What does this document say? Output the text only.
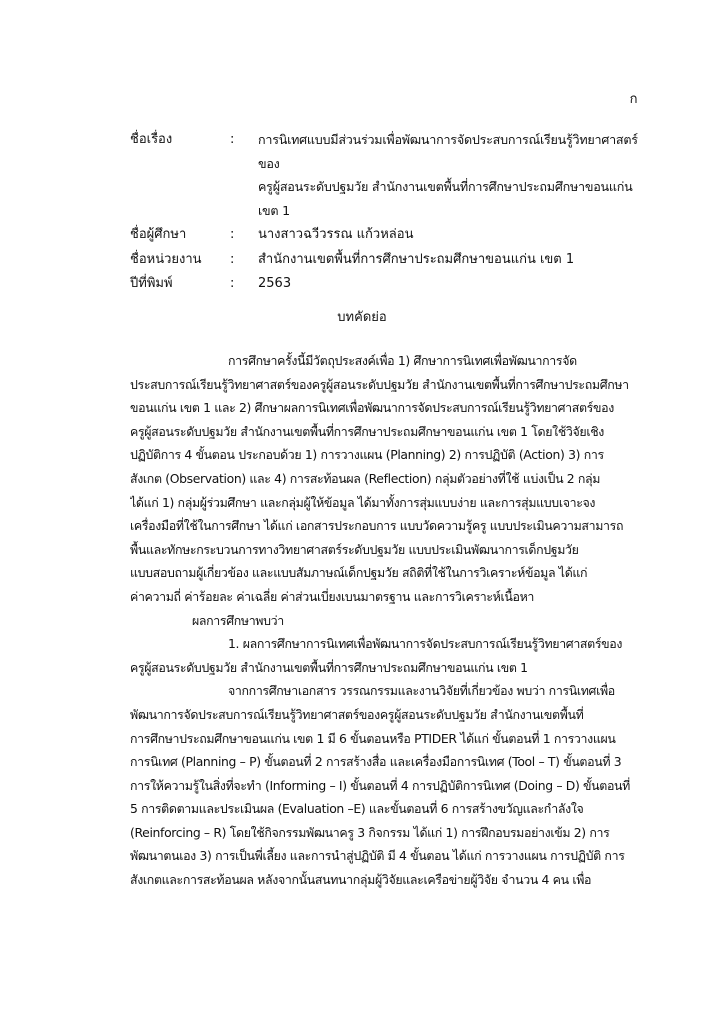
ก
ชื่อเรื่อง	:	การนิเทศแบบมีส่วนร่วมเพื่อพัฒนาการจัดประสบการณ์เรียนรู้วิทยาศาสตร์ของ
ครูผู้สอนระดับปฐมวัย สำนักงานเขตพื้นที่การศึกษาประถมศึกษาขอนแก่น
เขต 1
ชื่อผู้ศึกษา	:	นางสาวฉวีวรรณ แก้วหล่อน
ชื่อหน่วยงาน	:	สำนักงานเขตพื้นที่การศึกษาประถมศึกษาขอนแก่น เขต 1
ปีที่พิมพ์	:	2563
บทคัดย่อ
การศึกษาครั้งนี้มีวัตถุประสงค์เพื่อ 1) ศึกษาการนิเทศเพื่อพัฒนาการจัด
ประสบการณ์เรียนรู้วิทยาศาสตร์ของครูผู้สอนระดับปฐมวัย สำนักงานเขตพื้นที่การศึกษาประถมศึกษา
ขอนแก่น เขต 1 และ 2) ศึกษาผลการนิเทศเพื่อพัฒนาการจัดประสบการณ์เรียนรู้วิทยาศาสตร์ของ
ครูผู้สอนระดับปฐมวัย สำนักงานเขตพื้นที่การศึกษาประถมศึกษาขอนแก่น เขต 1 โดยใช้วิจัยเชิง
ปฏิบัติการ 4 ขั้นตอน ประกอบด้วย 1) การวางแผน (Planning) 2) การปฏิบัติ (Action) 3) การ
สังเกต (Observation) และ 4) การสะท้อนผล (Reflection) กลุ่มตัวอย่างที่ใช้ แบ่งเป็น 2 กลุ่ม
ได้แก่ 1) กลุ่มผู้ร่วมศึกษา และกลุ่มผู้ให้ข้อมูล ได้มาทั้งการสุ่มแบบง่าย และการสุ่มแบบเจาะจง
เครื่องมือที่ใช้ในการศึกษา ได้แก่ เอกสารประกอบการ แบบวัดความรู้ครู แบบประเมินความสามารถ
พื้นและทักษะกระบวนการทางวิทยาศาสตร์ระดับปฐมวัย แบบประเมินพัฒนาการเด็กปฐมวัย
แบบสอบถามผู้เกี่ยวข้อง และแบบสัมภาษณ์เด็กปฐมวัย สถิติที่ใช้ในการวิเคราะห์ข้อมูล ได้แก่
ค่าความถี่ ค่าร้อยละ ค่าเฉลี่ย ค่าส่วนเบี่ยงเบนมาตรฐาน และการวิเคราะห์เนื้อหา
ผลการศึกษาพบว่า
1. ผลการศึกษาการนิเทศเพื่อพัฒนาการจัดประสบการณ์เรียนรู้วิทยาศาสตร์ของ
ครูผู้สอนระดับปฐมวัย สำนักงานเขตพื้นที่การศึกษาประถมศึกษาขอนแก่น เขต 1
จากการศึกษาเอกสาร วรรณกรรมและงานวิจัยที่เกี่ยวข้อง พบว่า การนิเทศเพื่อ
พัฒนาการจัดประสบการณ์เรียนรู้วิทยาศาสตร์ของครูผู้สอนระดับปฐมวัย สำนักงานเขตพื้นที่
การศึกษาประถมศึกษาขอนแก่น เขต 1 มี 6 ขั้นตอนหรือ PTIDER ได้แก่ ขั้นตอนที่ 1 การวางแผน
การนิเทศ (Planning – P) ขั้นตอนที่ 2 การสร้างสื่อ และเครื่องมือการนิเทศ (Tool – T) ขั้นตอนที่ 3
การให้ความรู้ในสิ่งที่จะทำ (Informing – I) ขั้นตอนที่ 4 การปฏิบัติการนิเทศ (Doing – D) ขั้นตอนที่
5 การติดตามและประเมินผล (Evaluation –E) และขั้นตอนที่ 6 การสร้างขวัญและกำลังใจ
(Reinforcing – R) โดยใช้กิจกรรมพัฒนาครู 3 กิจกรรม ได้แก่ 1) การฝึกอบรมอย่างเข้ม 2) การ
พัฒนาตนเอง 3) การเป็นพี่เลี้ยง และการนำสู่ปฏิบัติ มี 4 ขั้นตอน ได้แก่ การวางแผน การปฏิบัติ การ
สังเกตและการสะท้อนผล หลังจากนั้นสนทนากลุ่มผู้วิจัยและเครือข่ายผู้วิจัย จำนวน 4 คน เพื่อ
